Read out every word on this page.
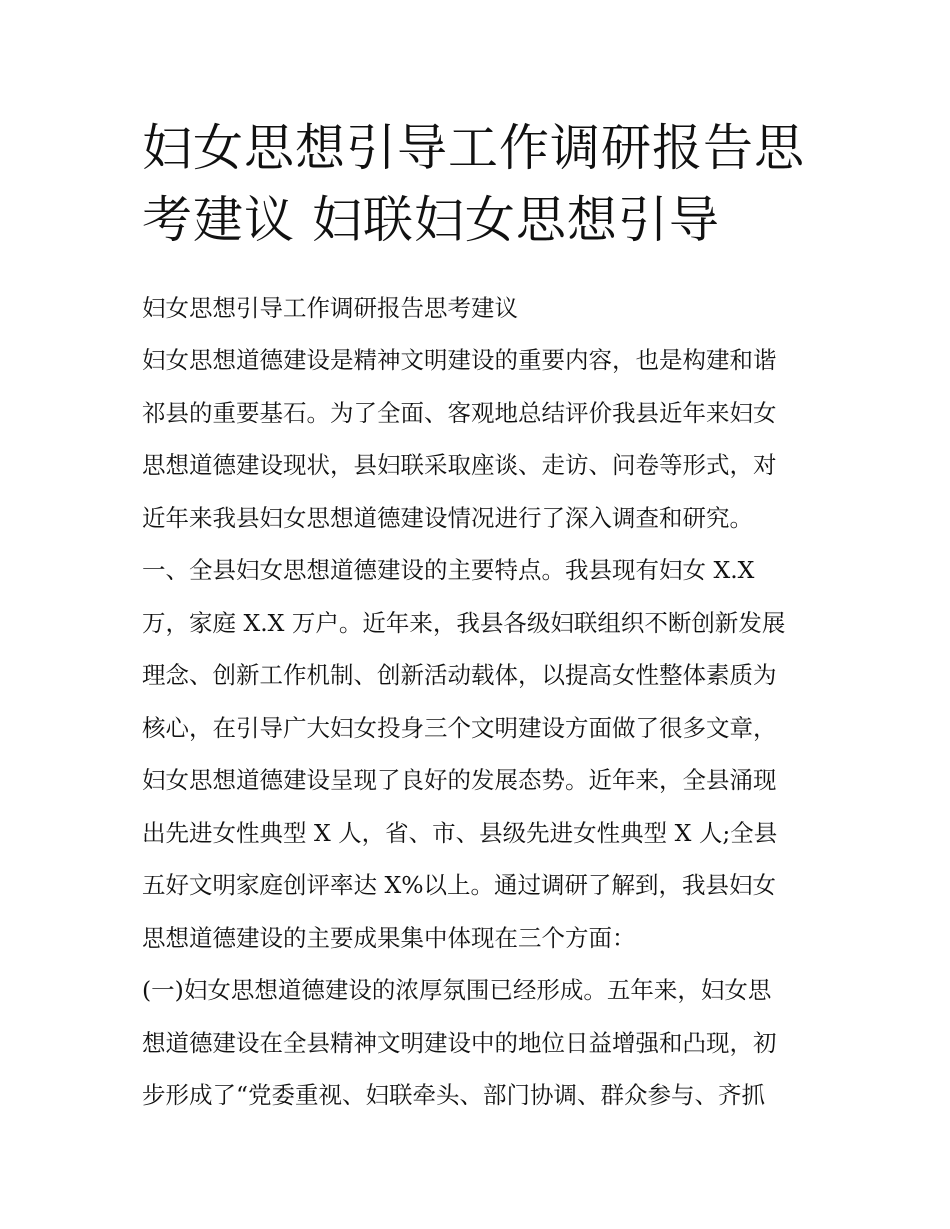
妇女思想引导工作调研报告思
考建议 妇联妇女思想引导
妇女思想引导工作调研报告思考建议
妇女思想道德建设是精神文明建设的重要内容，也是构建和谐
祁县的重要基石。为了全面、客观地总结评价我县近年来妇女
思想道德建设现状，县妇联采取座谈、走访、问卷等形式，对
近年来我县妇女思想道德建设情况进行了深入调查和研究。
一、全县妇女思想道德建设的主要特点。我县现有妇女 X.X
万，家庭 X.X 万户。近年来，我县各级妇联组织不断创新发展
理念、创新工作机制、创新活动载体，以提高女性整体素质为
核心，在引导广大妇女投身三个文明建设方面做了很多文章，
妇女思想道德建设呈现了良好的发展态势。近年来，全县涌现
出先进女性典型 X 人，省、市、县级先进女性典型 X 人;全县
五好文明家庭创评率达 X%以上。通过调研了解到，我县妇女
思想道德建设的主要成果集中体现在三个方面：
(一)妇女思想道德建设的浓厚氛围已经形成。五年来，妇女思
想道德建设在全县精神文明建设中的地位日益增强和凸现，初
步形成了“党委重视、妇联牵头、部门协调、群众参与、齐抓
